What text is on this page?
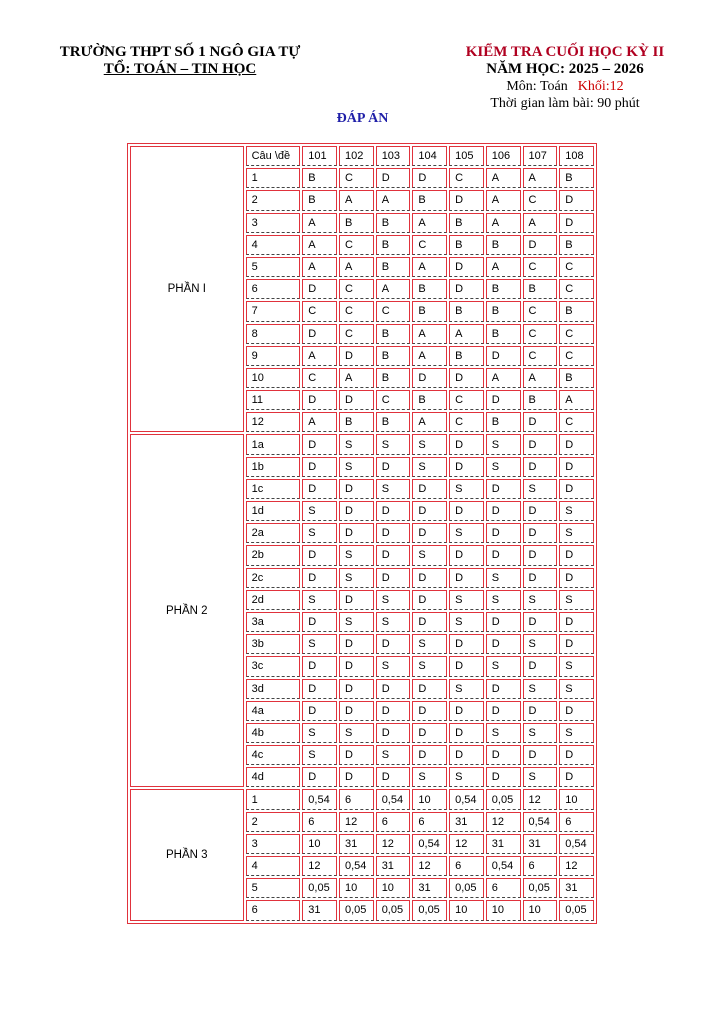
TRƯỜNG THPT SỐ 1 NGÔ GIA TỰ
TỔ: TOÁN – TIN HỌC
KIỂM TRA CUỐI HỌC KỲ II
NĂM HỌC: 2025 – 2026
Môn: Toán Khối:12
Thời gian làm bài: 90 phút
ĐÁP ÁN
PHẦN I	Câu \đề	101	102	103	104	105	106	107	108
	1	B	C	D	D	C	A	A	B
	2	B	A	A	B	D	A	C	D
	3	A	B	B	A	B	A	A	D
	4	A	C	B	C	B	B	D	B
	5	A	A	B	A	D	A	C	C
	6	D	C	A	B	D	B	B	C
	7	C	C	C	B	B	B	C	B
	8	D	C	B	A	A	B	C	C
	9	A	D	B	A	B	D	C	C
	10	C	A	B	D	D	A	A	B
	11	D	D	C	B	C	D	B	A
	12	A	B	B	A	C	B	D	C
PHẦN 2	1a	D	S	S	S	D	S	D	D
	1b	D	S	D	S	D	S	D	D
	1c	D	D	S	D	S	D	S	D
	1d	S	D	D	D	D	D	D	S
	2a	S	D	D	D	S	D	D	S
	2b	D	S	D	S	D	D	D	D
	2c	D	S	D	D	D	S	D	D
	2d	S	D	S	D	S	S	S	S
	3a	D	S	S	D	S	D	D	D
	3b	S	D	D	S	D	D	S	D
	3c	D	D	S	S	D	S	D	S
	3d	D	D	D	D	S	D	S	S
	4a	D	D	D	D	D	D	D	D
	4b	S	S	D	D	D	S	S	S
	4c	S	D	S	D	D	D	D	D
	4d	D	D	D	S	S	D	S	D
PHẦN 3	1	0,54	6	0,54	10	0,54	0,05	12	10
	2	6	12	6	6	31	12	0,54	6
	3	10	31	12	0,54	12	31	31	0,54
	4	12	0,54	31	12	6	0,54	6	12
	5	0,05	10	10	31	0,05	6	0,05	31
	6	31	0,05	0,05	0,05	10	10	10	0,05
